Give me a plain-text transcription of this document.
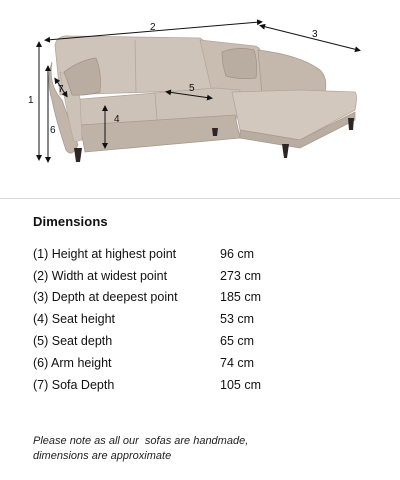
2
3
1
6
7
4
5
Dimensions
(1) Height at highest point	96 cm
(2) Width at widest point	273 cm
(3) Depth at deepest point	185 cm
(4) Seat height	53 cm
(5) Seat depth	65 cm
(6) Arm height	74 cm
(7) Sofa Depth	105 cm
Please note as all our  sofas are handmade,
dimensions are approximate
